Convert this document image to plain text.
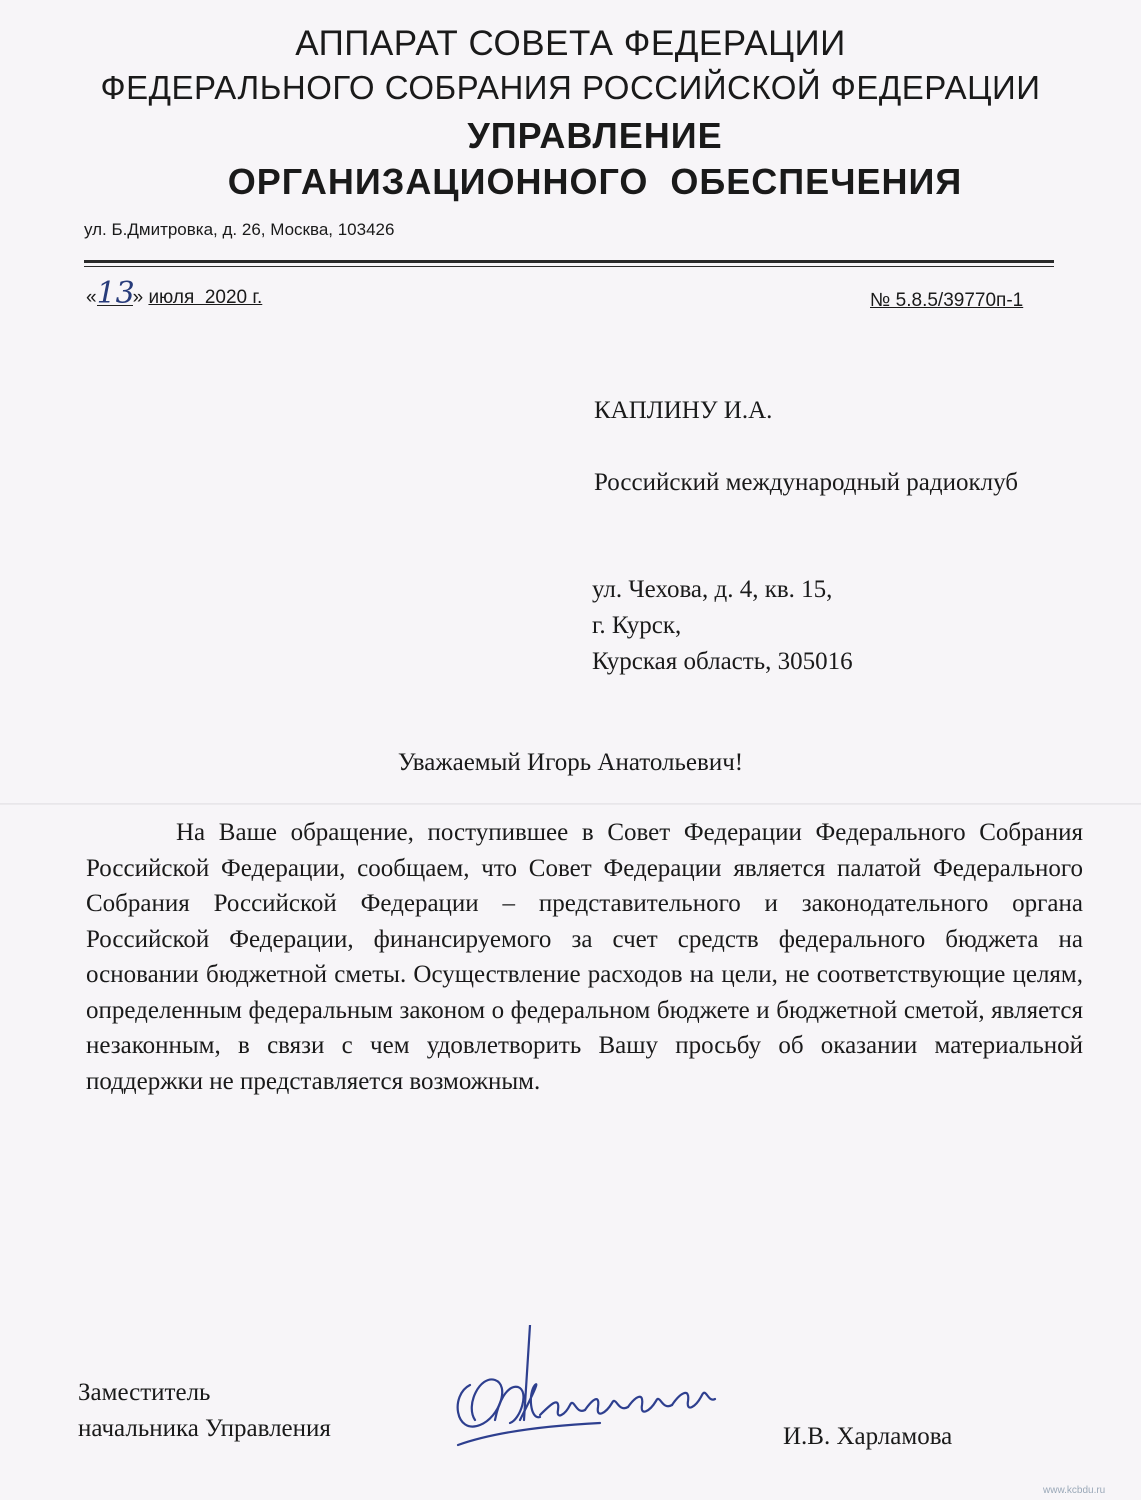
АППАРАТ СОВЕТА ФЕДЕРАЦИИ
ФЕДЕРАЛЬНОГО СОБРАНИЯ РОССИЙСКОЙ ФЕДЕРАЦИИ
УПРАВЛЕНИЕ
ОРГАНИЗАЦИОННОГО  ОБЕСПЕЧЕНИЯ
ул. Б.Дмитровка, д. 26, Москва, 103426
«13» июля  2020 г.	№ 5.8.5/39770п-1
КАПЛИНУ И.А.
Российский международный радиоклуб
ул. Чехова, д. 4, кв. 15,
г. Курск,
Курская область, 305016
Уважаемый Игорь Анатольевич!

На Ваше обращение, поступившее в Совет Федерации Федерального Собрания Российской Федерации, сообщаем, что Совет Федерации является палатой Федерального Собрания Российской Федерации – представительного и законодательного органа Российской Федерации, финансируемого за счет средств федерального бюджета на основании бюджетной сметы. Осуществление расходов на цели, не соответствующие целям, определенным федеральным законом о федеральном бюджете и бюджетной сметой, является незаконным, в связи с чем удовлетворить Вашу просьбу об оказании материальной поддержки не представляется возможным.

Заместитель
начальника Управления	И.В. Харламова
www.kcbdu.ru
